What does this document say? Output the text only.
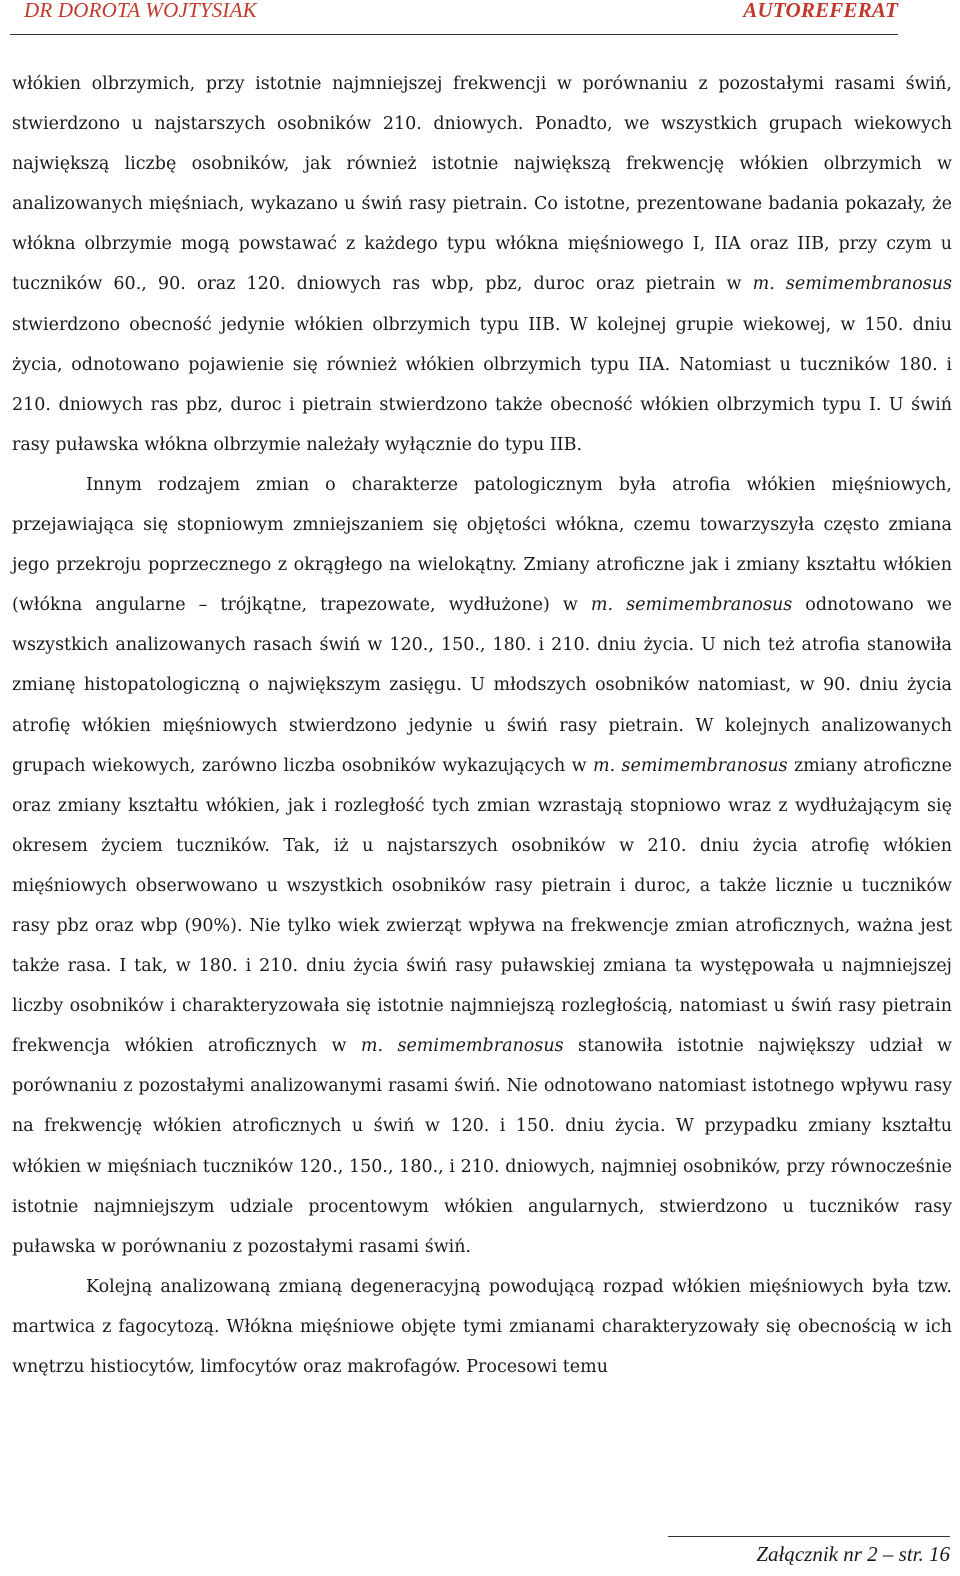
DR DOROTA WOJTYSIAK	AUTOREFERAT

włókien olbrzymich, przy istotnie najmniejszej frekwencji w porównaniu z pozostałymi rasami świń, stwierdzono u najstarszych osobników 210. dniowych. Ponadto, we wszystkich grupach wiekowych największą liczbę osobników, jak również istotnie największą frekwencję włókien olbrzymich w analizowanych mięśniach, wykazano u świń rasy pietrain. Co istotne, prezentowane badania pokazały, że włókna olbrzymie mogą powstawać z każdego typu włókna mięśniowego I, IIA oraz IIB, przy czym u tuczników 60., 90. oraz 120. dniowych ras wbp, pbz, duroc oraz pietrain w m. semimembranosus stwierdzono obecność jedynie włókien olbrzymich typu IIB. W kolejnej grupie wiekowej, w 150. dniu życia, odnotowano pojawienie się również włókien olbrzymich typu IIA. Natomiast u tuczników 180. i 210. dniowych ras pbz, duroc i pietrain stwierdzono także obecność włókien olbrzymich typu I. U świń rasy puławska włókna olbrzymie należały wyłącznie do typu IIB.

Innym rodzajem zmian o charakterze patologicznym była atrofia włókien mięśniowych, przejawiająca się stopniowym zmniejszaniem się objętości włókna, czemu towarzyszyła często zmiana jego przekroju poprzecznego z okrągłego na wielokątny. Zmiany atroficzne jak i zmiany kształtu włókien (włókna angularne – trójkątne, trapezowate, wydłużone) w m. semimembranosus odnotowano we wszystkich analizowanych rasach świń w 120., 150., 180. i 210. dniu życia. U nich też atrofia stanowiła zmianę histopatologiczną o największym zasięgu. U młodszych osobników natomiast, w 90. dniu życia atrofię włókien mięśniowych stwierdzono jedynie u świń rasy pietrain. W kolejnych analizowanych grupach wiekowych, zarówno liczba osobników wykazujących w m. semimembranosus zmiany atroficzne oraz zmiany kształtu włókien, jak i rozległość tych zmian wzrastają stopniowo wraz z wydłużającym się okresem życiem tuczników. Tak, iż u najstarszych osobników w 210. dniu życia atrofię włókien mięśniowych obserwowano u wszystkich osobników rasy pietrain i duroc, a także licznie u tuczników rasy pbz oraz wbp (90%). Nie tylko wiek zwierząt wpływa na frekwencje zmian atroficznych, ważna jest także rasa. I tak, w 180. i 210. dniu życia świń rasy puławskiej zmiana ta występowała u najmniejszej liczby osobników i charakteryzowała się istotnie najmniejszą rozległością, natomiast u świń rasy pietrain frekwencja włókien atroficznych w m. semimembranosus stanowiła istotnie największy udział w porównaniu z pozostałymi analizowanymi rasami świń. Nie odnotowano natomiast istotnego wpływu rasy na frekwencję włókien atroficznych u świń w 120. i 150. dniu życia. W przypadku zmiany kształtu włókien w mięśniach tuczników 120., 150., 180., i 210. dniowych, najmniej osobników, przy równocześnie istotnie najmniejszym udziale procentowym włókien angularnych, stwierdzono u tuczników rasy puławska w porównaniu z pozostałymi rasami świń.

Kolejną analizowaną zmianą degeneracyjną powodującą rozpad włókien mięśniowych była tzw. martwica z fagocytozą. Włókna mięśniowe objęte tymi zmianami charakteryzowały się obecnością w ich wnętrzu histiocytów, limfocytów oraz makrofagów. Procesowi temu

Załącznik nr 2 – str. 16
